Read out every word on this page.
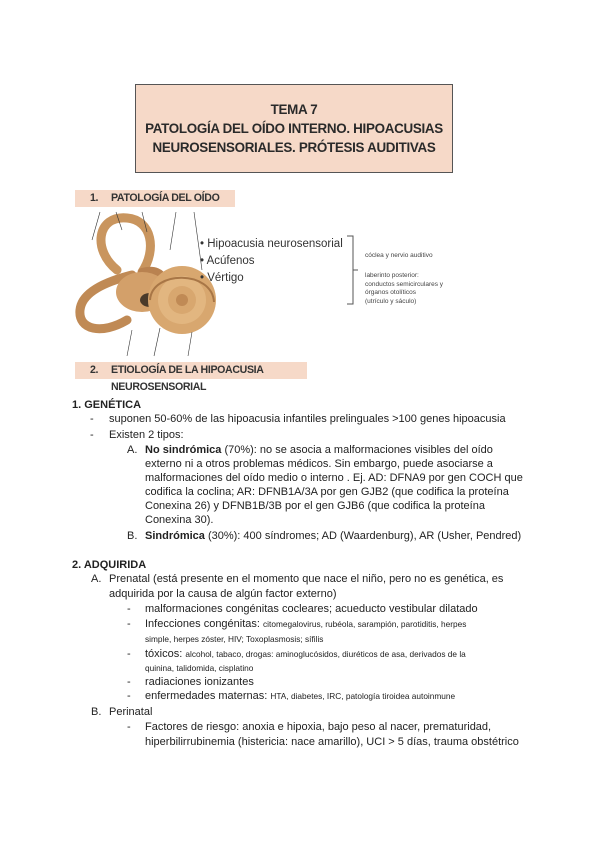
TEMA 7
PATOLOGÍA DEL OÍDO INTERNO. HIPOACUSIAS
NEUROSENSORIALES. PRÓTESIS AUDITIVAS
1. PATOLOGÍA DEL OÍDO
• Hipoacusia neurosensorial
• Acúfenos
• Vértigo
cóclea y nervio auditivo
laberinto posterior:
conductos semicirculares y
órganos otolíticos
(utrículo y sáculo)
2. ETIOLOGÍA DE LA HIPOACUSIA NEUROSENSORIAL
1. GENÉTICA
- suponen 50-60% de las hipoacusia infantiles prelinguales >100 genes hipoacusia
- Existen 2 tipos:
A. No sindrómica (70%): no se asocia a malformaciones visibles del oído
externo ni a otros problemas médicos. Sin embargo, puede asociarse a
malformaciones del oído medio o interno . Ej. AD: DFNA9 por gen COCH que
codifica la coclina; AR: DFNB1A/3A por gen GJB2 (que codifica la proteína
Conexina 26) y DFNB1B/3B por el gen GJB6 (que codifica la proteína
Conexina 30).
B. Sindrómica (30%): 400 síndromes; AD (Waardenburg), AR (Usher, Pendred)
2. ADQUIRIDA
A. Prenatal (está presente en el momento que nace el niño, pero no es genética, es
adquirida por la causa de algún factor externo)
- malformaciones congénitas cocleares; acueducto vestibular dilatado
- Infecciones congénitas: citomegalovirus, rubéola, sarampión, parotiditis, herpes
simple, herpes zóster, HIV; Toxoplasmosis; sífilis
- tóxicos: alcohol, tabaco, drogas: aminoglucósidos, diuréticos de asa, derivados de la
quinina, talidomida, cisplatino
- radiaciones ionizantes
- enfermedades maternas: HTA, diabetes, IRC, patología tiroidea autoinmune
B. Perinatal
- Factores de riesgo: anoxia e hipoxia, bajo peso al nacer, prematuridad,
hiperbilirrubinemia (histericia: nace amarillo), UCI > 5 días, trauma obstétrico
